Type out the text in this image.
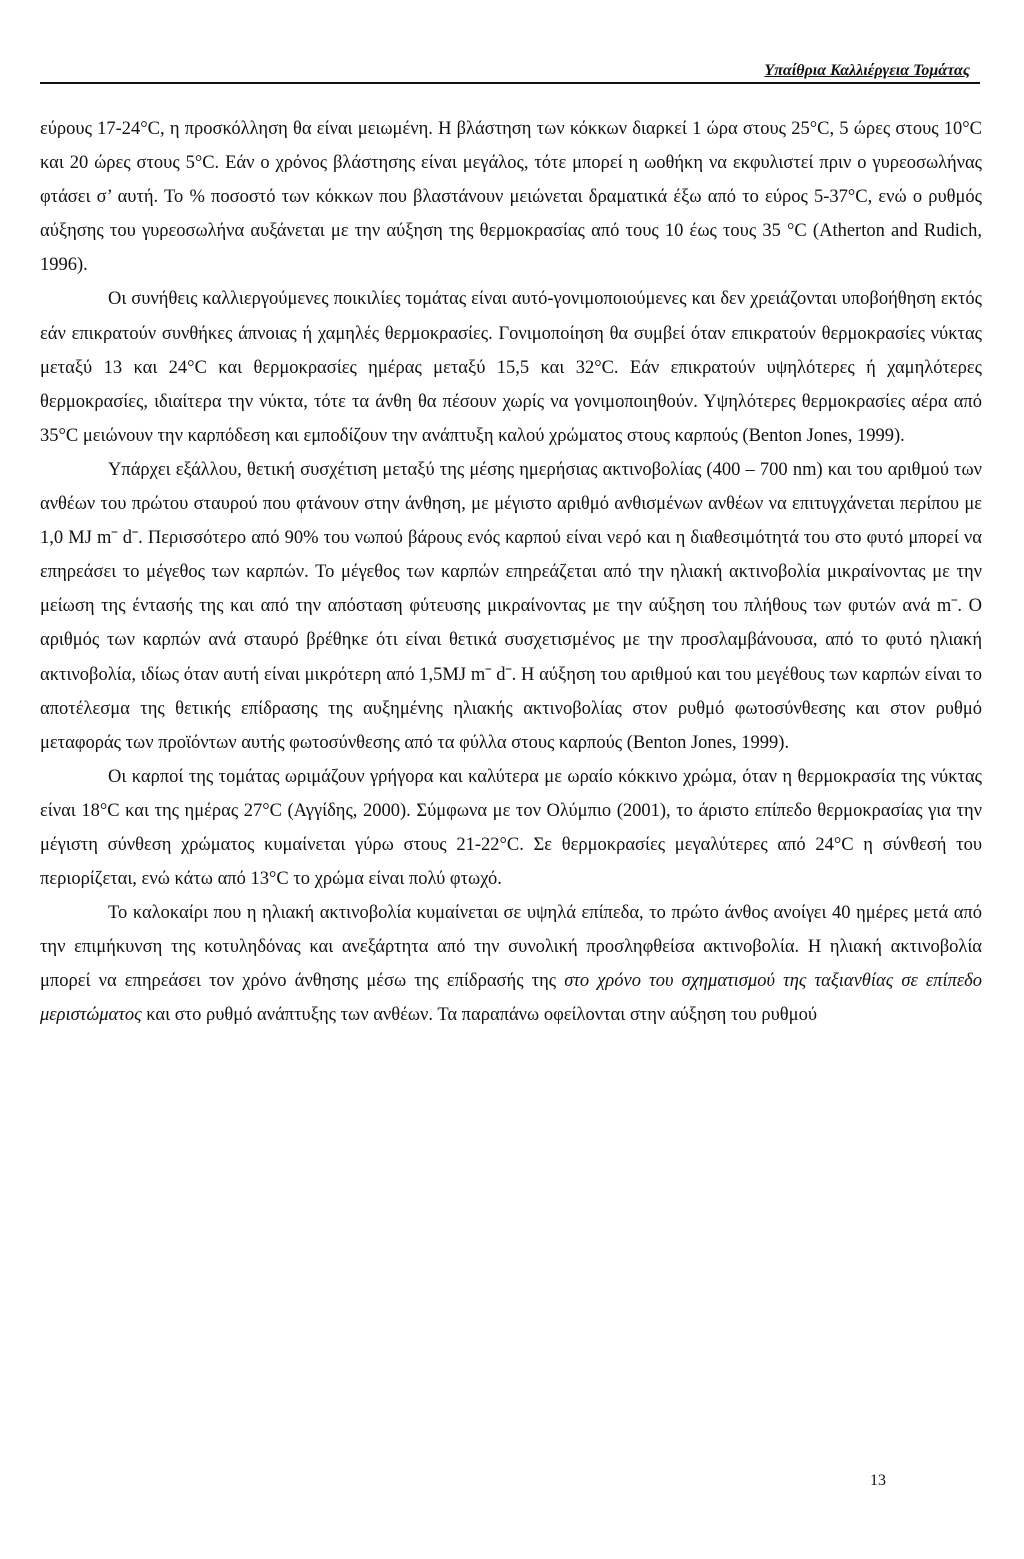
Υπαίθρια Καλλιέργεια Τομάτας

εύρους 17-24°C, η προσκόλληση θα είναι μειωμένη. Η βλάστηση των κόκκων διαρκεί 1 ώρα στους 25°C, 5 ώρες στους 10°C και 20 ώρες στους 5°C. Εάν ο χρόνος βλάστησης είναι μεγάλος, τότε μπορεί η ωοθήκη να εκφυλιστεί πριν ο γυρεοσωλήνας φτάσει σ’ αυτή. Το % ποσοστό των κόκκων που βλαστάνουν μειώνεται δραματικά έξω από το εύρος 5-37°C, ενώ ο ρυθμός αύξησης του γυρεοσωλήνα αυξάνεται με την αύξηση της θερμοκρασίας από τους 10 έως τους 35 °C (Atherton and Rudich, 1996).

Οι συνήθεις καλλιεργούμενες ποικιλίες τομάτας είναι αυτό-γονιμοποιούμενες και δεν χρειάζονται υποβοήθηση εκτός εάν επικρατούν συνθήκες άπνοιας ή χαμηλές θερμοκρασίες. Γονιμοποίηση θα συμβεί όταν επικρατούν θερμοκρασίες νύκτας μεταξύ 13 και 24°C και θερμοκρασίες ημέρας μεταξύ 15,5 και 32°C. Εάν επικρατούν υψηλότερες ή χαμηλότερες θερμοκρασίες, ιδιαίτερα την νύκτα, τότε τα άνθη θα πέσουν χωρίς να γονιμοποιηθούν. Υψηλότερες θερμοκρασίες αέρα από 35°C μειώνουν την καρπόδεση και εμποδίζουν την ανάπτυξη καλού χρώματος στους καρπούς (Benton Jones, 1999).

Υπάρχει εξάλλου, θετική συσχέτιση μεταξύ της μέσης ημερήσιας ακτινοβολίας (400 – 700 nm) και του αριθμού των ανθέων του πρώτου σταυρού που φτάνουν στην άνθηση, με μέγιστο αριθμό ανθισμένων ανθέων να επιτυγχάνεται περίπου με 1,0 MJ mˉ dˉ. Περισσότερο από 90% του νωπού βάρους ενός καρπού είναι νερό και η διαθεσιμότητά του στο φυτό μπορεί να επηρεάσει το μέγεθος των καρπών. Το μέγεθος των καρπών επηρεάζεται από την ηλιακή ακτινοβολία μικραίνοντας με την μείωση της έντασής της και από την απόσταση φύτευσης μικραίνοντας με την αύξηση του πλήθους των φυτών ανά mˉ. Ο αριθμός των καρπών ανά σταυρό βρέθηκε ότι είναι θετικά συσχετισμένος με την προσλαμβάνουσα, από το φυτό ηλιακή ακτινοβολία, ιδίως όταν αυτή είναι μικρότερη από 1,5MJ mˉ dˉ. Η αύξηση του αριθμού και του μεγέθους των καρπών είναι το αποτέλεσμα της θετικής επίδρασης της αυξημένης ηλιακής ακτινοβολίας στον ρυθμό φωτοσύνθεσης και στον ρυθμό μεταφοράς των προϊόντων αυτής φωτοσύνθεσης από τα φύλλα στους καρπούς (Benton Jones, 1999).

Οι καρποί της τομάτας ωριμάζουν γρήγορα και καλύτερα με ωραίο κόκκινο χρώμα, όταν η θερμοκρασία της νύκτας είναι 18°C και της ημέρας 27°C (Αγγίδης, 2000). Σύμφωνα με τον Ολύμπιο (2001), το άριστο επίπεδο θερμοκρασίας για την μέγιστη σύνθεση χρώματος κυμαίνεται γύρω στους 21-22°C. Σε θερμοκρασίες μεγαλύτερες από 24°C η σύνθεσή του περιορίζεται, ενώ κάτω από 13°C το χρώμα είναι πολύ φτωχό.

Το καλοκαίρι που η ηλιακή ακτινοβολία κυμαίνεται σε υψηλά επίπεδα, το πρώτο άνθος ανοίγει 40 ημέρες μετά από την επιμήκυνση της κοτυληδόνας και ανεξάρτητα από την συνολική προσληφθείσα ακτινοβολία. Η ηλιακή ακτινοβολία μπορεί να επηρεάσει τον χρόνο άνθησης μέσω της επίδρασής της στο χρόνο του σχηματισμού της ταξιανθίας σε επίπεδο μεριστώματος και στο ρυθμό ανάπτυξης των ανθέων. Τα παραπάνω οφείλονται στην αύξηση του ρυθμού

13
